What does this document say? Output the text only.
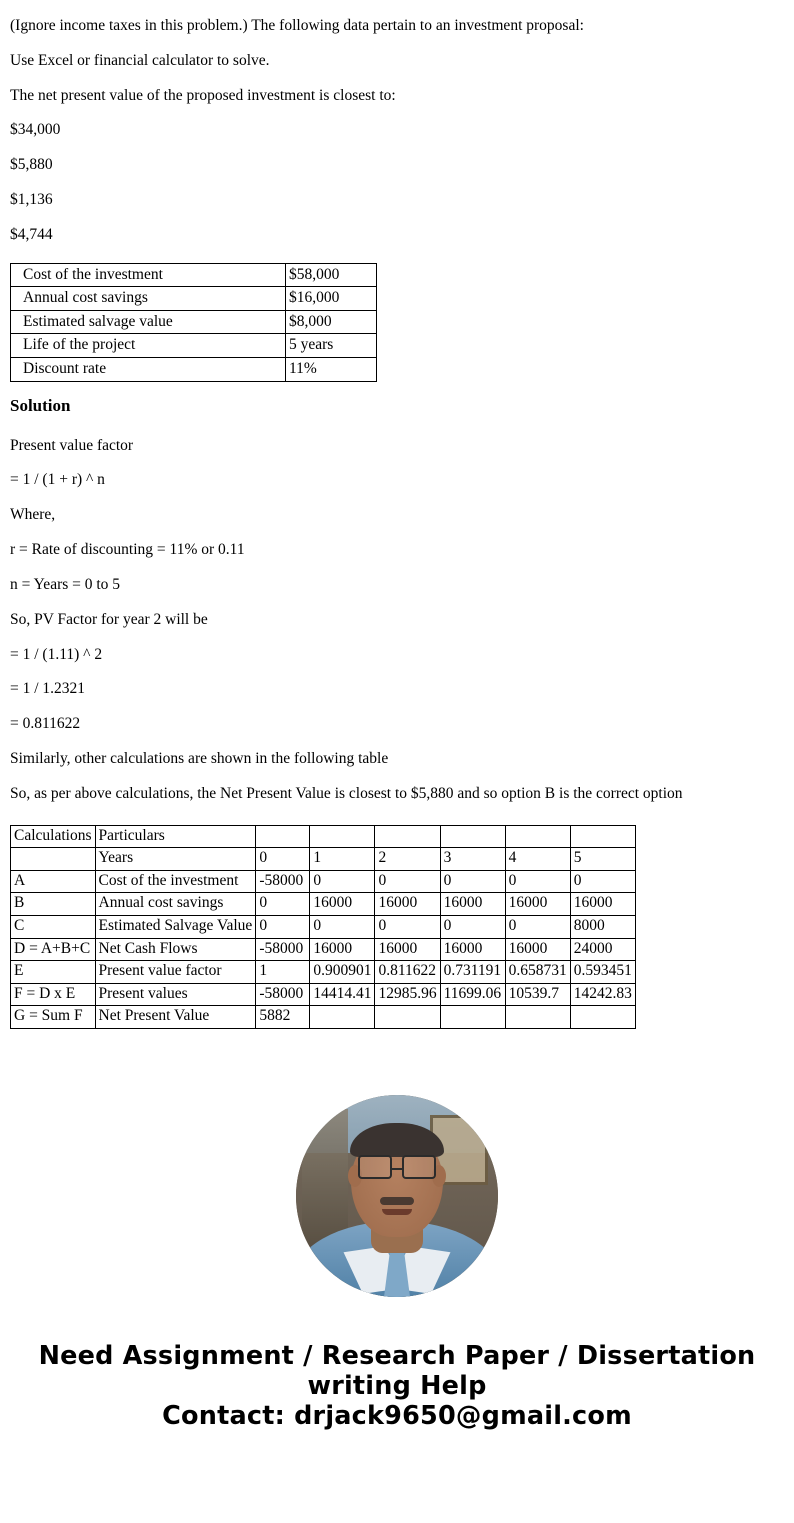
(Ignore income taxes in this problem.) The following data pertain to an investment proposal:

Use Excel or financial calculator to solve.

The net present value of the proposed investment is closest to:

$34,000

$5,880

$1,136

$4,744

Cost of the investment	$58,000
Annual cost savings	$16,000
Estimated salvage value	$8,000
Life of the project	5 years
Discount rate	11%
Solution

Present value factor

= 1 / (1 + r) ^ n

Where,

r = Rate of discounting = 11% or 0.11

n = Years = 0 to 5

So, PV Factor for year 2 will be

= 1 / (1.11) ^ 2

= 1 / 1.2321

= 0.811622

Similarly, other calculations are shown in the following table

So, as per above calculations, the Net Present Value is closest to $5,880 and so option B is the correct option

Calculations	Particulars						
	Years	0	1	2	3	4	5
A	Cost of the investment	-58000	0	0	0	0	0
B	Annual cost savings	0	16000	16000	16000	16000	16000
C	Estimated Salvage Value	0	0	0	0	0	8000
D = A+B+C	Net Cash Flows	-58000	16000	16000	16000	16000	24000
E	Present value factor	1	0.900901	0.811622	0.731191	0.658731	0.593451
F = D x E	Present values	-58000	14414.41	12985.96	11699.06	10539.7	14242.83
G = Sum F	Net Present Value	5882					
Need Assignment / Research Paper / Dissertation writing Help
Contact: drjack9650@gmail.com
